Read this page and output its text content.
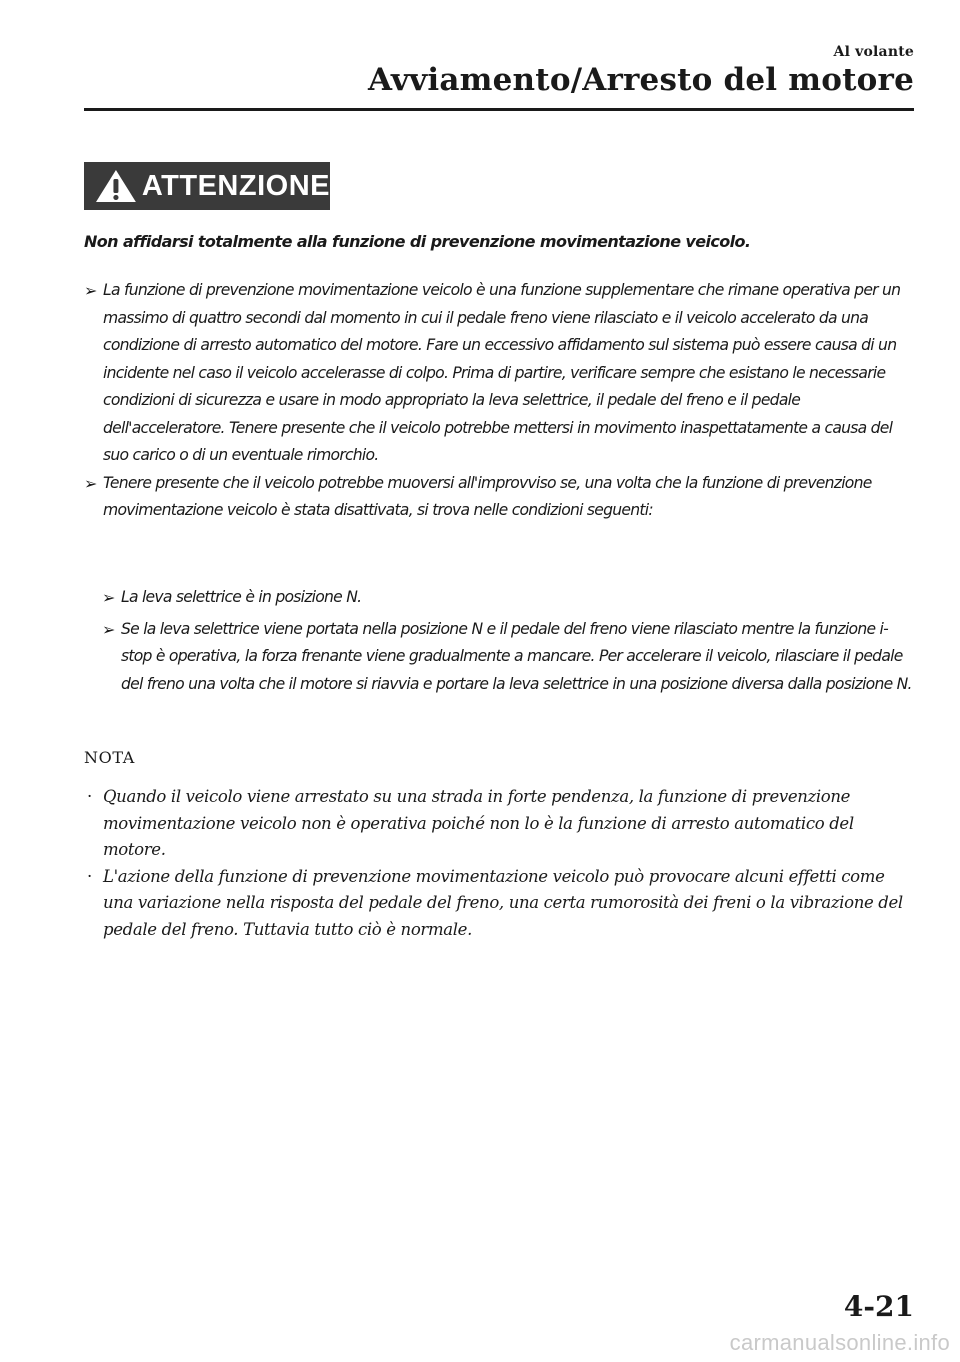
Al volante
Avviamento/Arresto del motore
ATTENZIONE
Non affidarsi totalmente alla funzione di prevenzione movimentazione veicolo.
➢ La funzione di prevenzione movimentazione veicolo è una funzione supplementare che rimane operativa per un massimo di quattro secondi dal momento in cui il pedale freno viene rilasciato e il veicolo accelerato da una condizione di arresto automatico del motore. Fare un eccessivo affidamento sul sistema può essere causa di un incidente nel caso il veicolo accelerasse di colpo. Prima di partire, verificare sempre che esistano le necessarie condizioni di sicurezza e usare in modo appropriato la leva selettrice, il pedale del freno e il pedale dell'acceleratore. Tenere presente che il veicolo potrebbe mettersi in movimento inaspettatamente a causa del suo carico o di un eventuale rimorchio.
➢ Tenere presente che il veicolo potrebbe muoversi all'improvviso se, una volta che la funzione di prevenzione movimentazione veicolo è stata disattivata, si trova nelle condizioni seguenti:
➢ La leva selettrice è in posizione N.
➢ Se la leva selettrice viene portata nella posizione N e il pedale del freno viene rilasciato mentre la funzione i-stop è operativa, la forza frenante viene gradualmente a mancare. Per accelerare il veicolo, rilasciare il pedale del freno una volta che il motore si riavvia e portare la leva selettrice in una posizione diversa dalla posizione N.
NOTA
· Quando il veicolo viene arrestato su una strada in forte pendenza, la funzione di prevenzione movimentazione veicolo non è operativa poiché non lo è la funzione di arresto automatico del motore.
· L'azione della funzione di prevenzione movimentazione veicolo può provocare alcuni effetti come una variazione nella risposta del pedale del freno, una certa rumorosità dei freni o la vibrazione del pedale del freno. Tuttavia tutto ciò è normale.
4-21
carmanualsonline.info
